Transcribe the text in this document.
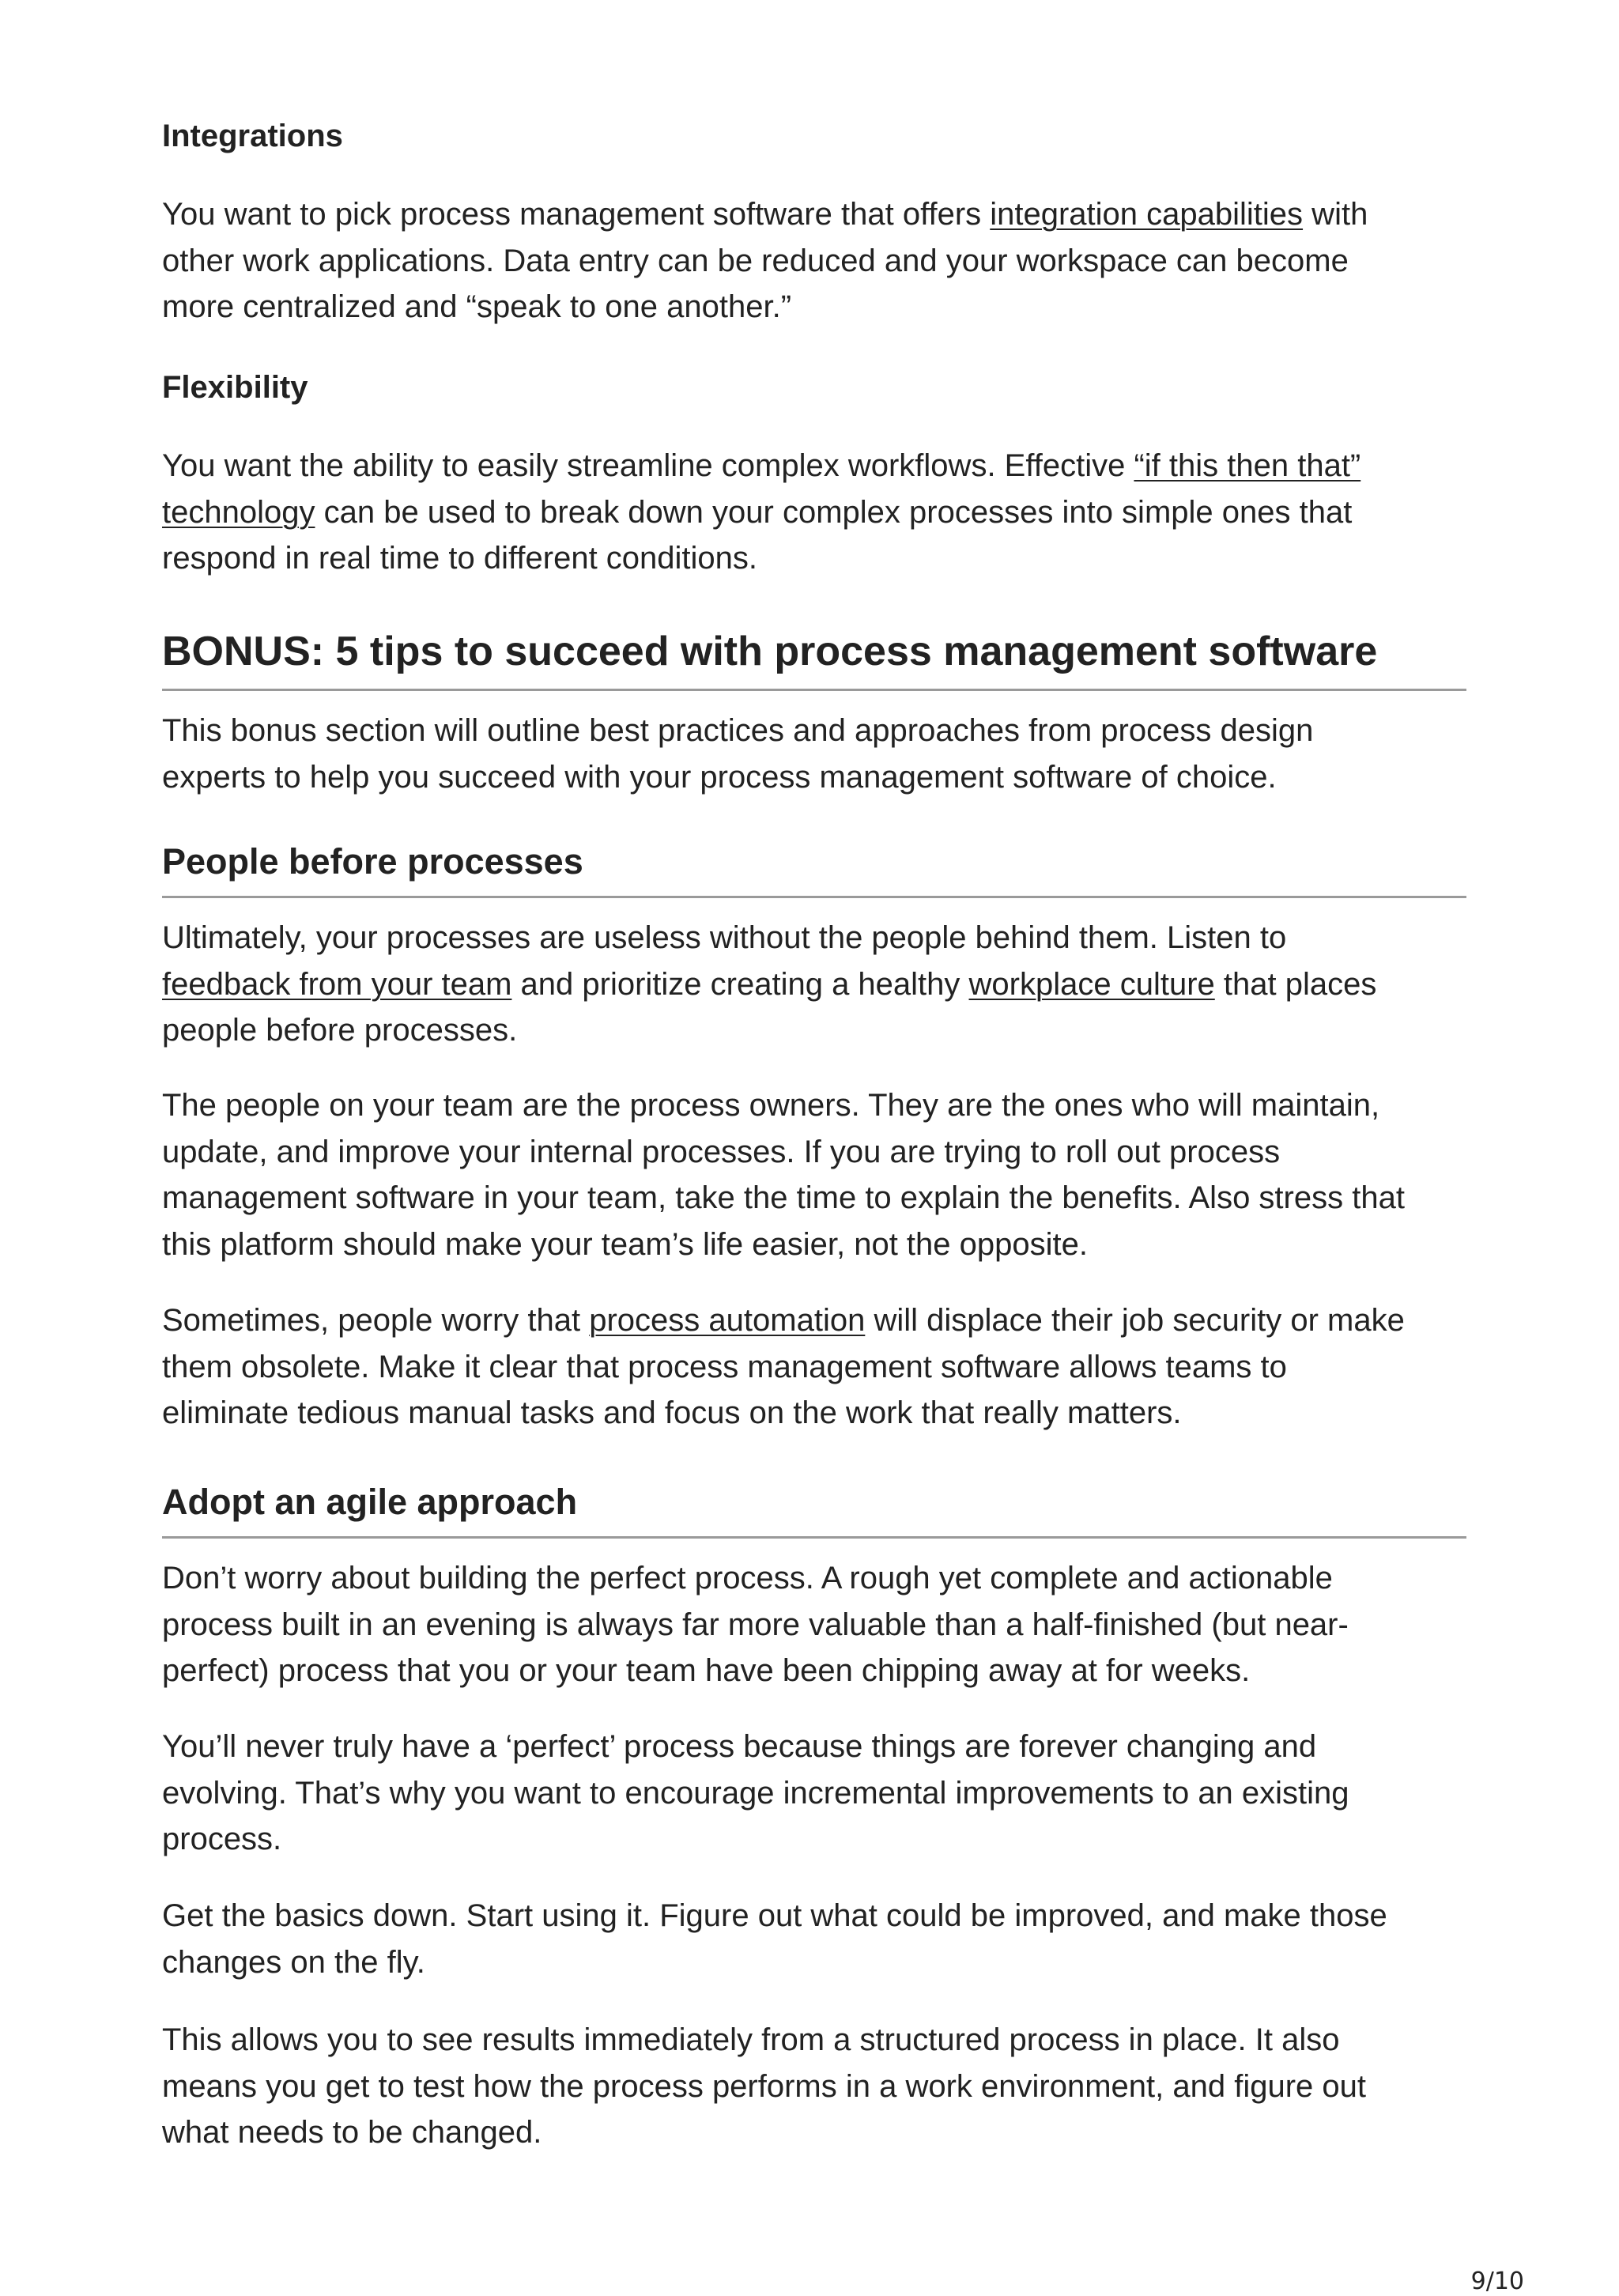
Integrations
You want to pick process management software that offers integration capabilities with
other work applications. Data entry can be reduced and your workspace can become
more centralized and “speak to one another.”
Flexibility
You want the ability to easily streamline complex workflows. Effective “if this then that”
technology can be used to break down your complex processes into simple ones that
respond in real time to different conditions.
BONUS: 5 tips to succeed with process management software
This bonus section will outline best practices and approaches from process design
experts to help you succeed with your process management software of choice.
People before processes
Ultimately, your processes are useless without the people behind them. Listen to
feedback from your team and prioritize creating a healthy workplace culture that places
people before processes.
The people on your team are the process owners. They are the ones who will maintain,
update, and improve your internal processes. If you are trying to roll out process
management software in your team, take the time to explain the benefits. Also stress that
this platform should make your team’s life easier, not the opposite.
Sometimes, people worry that process automation will displace their job security or make
them obsolete. Make it clear that process management software allows teams to
eliminate tedious manual tasks and focus on the work that really matters.
Adopt an agile approach
Don’t worry about building the perfect process. A rough yet complete and actionable
process built in an evening is always far more valuable than a half-finished (but near-
perfect) process that you or your team have been chipping away at for weeks.
You’ll never truly have a ‘perfect’ process because things are forever changing and
evolving. That’s why you want to encourage incremental improvements to an existing
process.
Get the basics down. Start using it. Figure out what could be improved, and make those
changes on the fly.
This allows you to see results immediately from a structured process in place. It also
means you get to test how the process performs in a work environment, and figure out
what needs to be changed.
9/10
